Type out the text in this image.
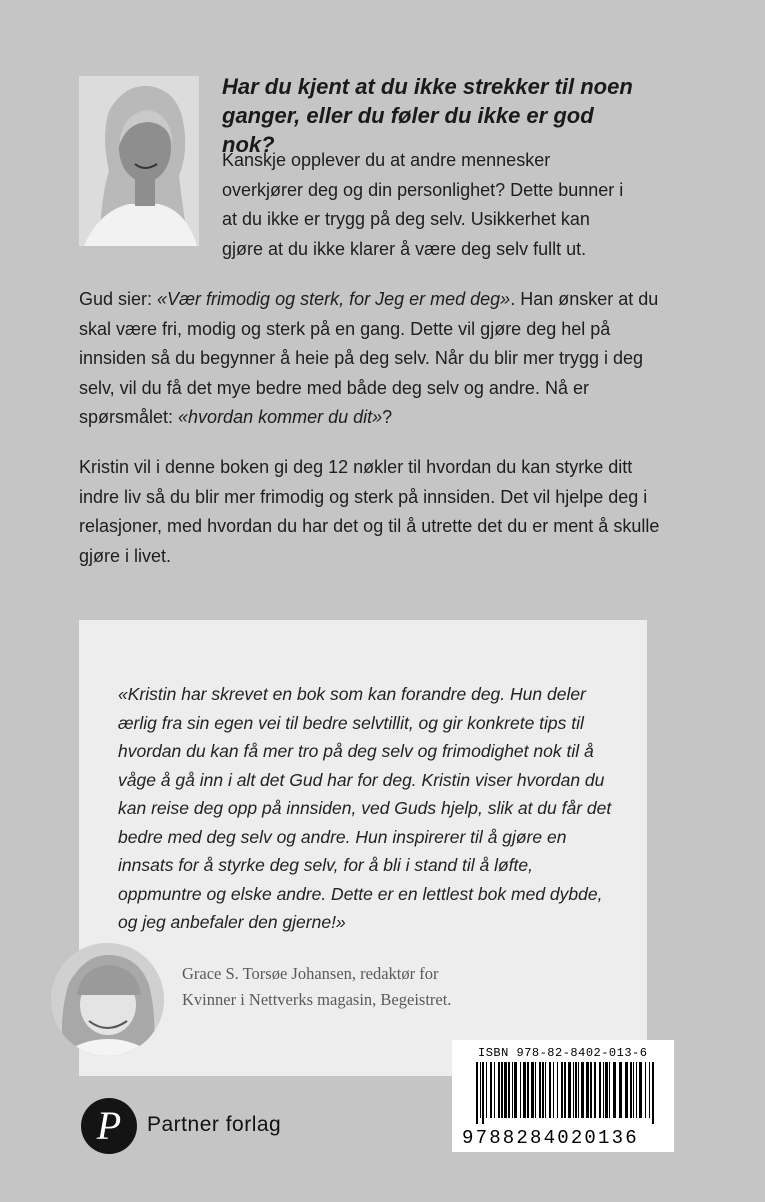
Har du kjent at du ikke strekker til noen ganger, eller du føler du ikke er god nok?

Kanskje opplever du at andre mennesker overkjører deg og din personlighet? Dette bunner i at du ikke er trygg på deg selv. Usikkerhet kan gjøre at du ikke klarer å være deg selv fullt ut.

Gud sier: «Vær frimodig og sterk, for Jeg er med deg». Han ønsker at du skal være fri, modig og sterk på en gang. Dette vil gjøre deg hel på innsiden så du begynner å heie på deg selv. Når du blir mer trygg i deg selv, vil du få det mye bedre med både deg selv og andre. Nå er spørsmålet: «hvordan kommer du dit»?

Kristin vil i denne boken gi deg 12 nøkler til hvordan du kan styrke ditt indre liv så du blir mer frimodig og sterk på innsiden. Det vil hjelpe deg i relasjoner, med hvordan du har det og til å utrette det du er ment å skulle gjøre i livet.

«Kristin har skrevet en bok som kan forandre deg. Hun deler ærlig fra sin egen vei til bedre selvtillit, og gir konkrete tips til hvordan du kan få mer tro på deg selv og frimodighet nok til å våge å gå inn i alt det Gud har for deg. Kristin viser hvordan du kan reise deg opp på innsiden, ved Guds hjelp, slik at du får det bedre med deg selv og andre. Hun inspirerer til å gjøre en innsats for å styrke deg selv, for å bli i stand til å løfte, oppmuntre og elske andre. Dette er en lettlest bok med dybde, og jeg anbefaler den gjerne!»

Grace S. Torsøe Johansen, redaktør for
Kvinner i Nettverks magasin, Begeistret.

P Partner forlag
ISBN 978-82-8402-013-6
9788284020136
